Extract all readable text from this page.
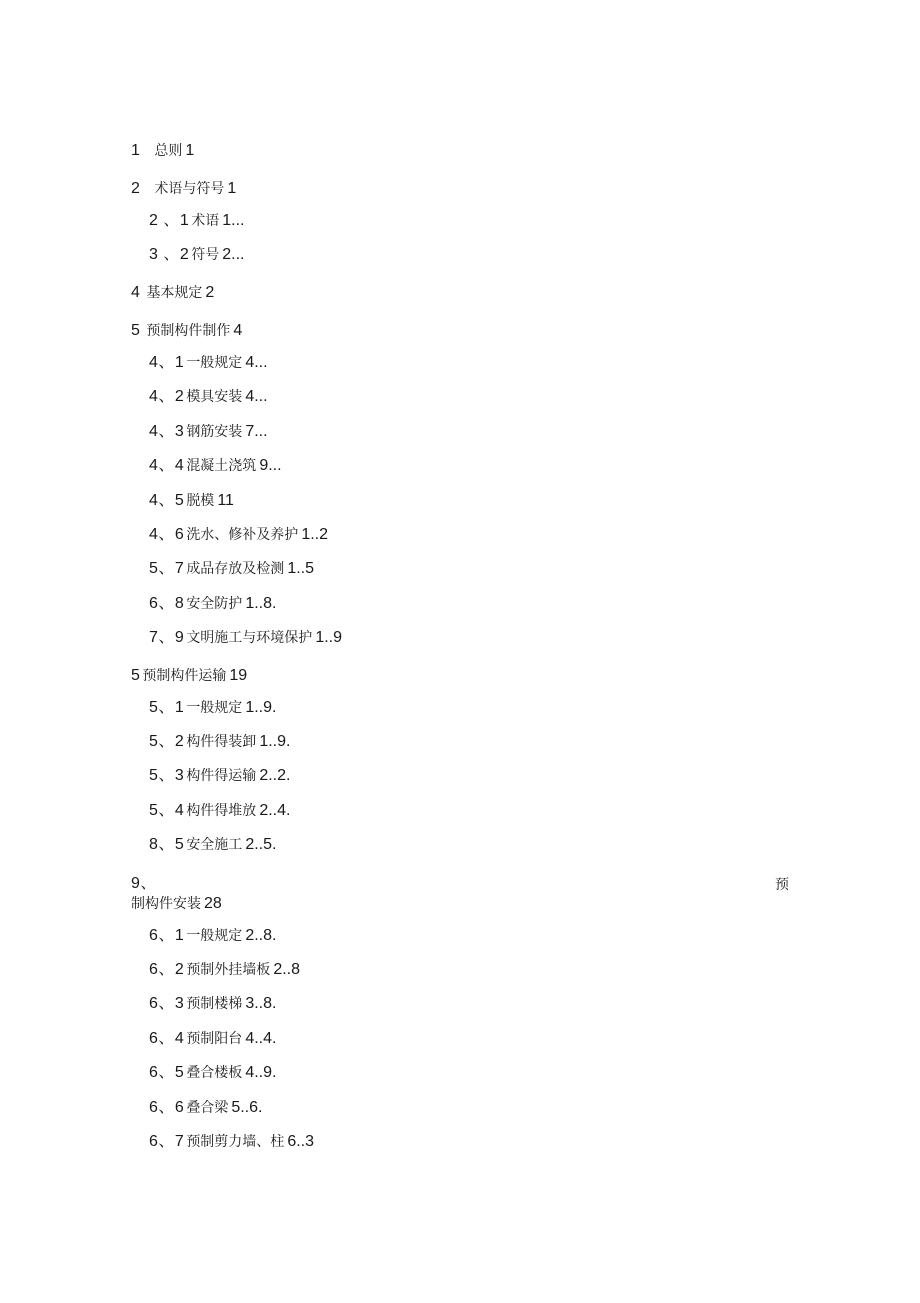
1 总则 1
2 术语与符号 1
2 、1 术语 1...
3 、2 符号 2...
4 基本规定 2
5 预制构件制作 4
4、1 一般规定 4...
4、2 模具安装 4...
4、3 钢筋安装 7...
4、4 混凝土浇筑 9...
4、5 脱模 11
4、6 洗水、修补及养护 1..2
5、7 成品存放及检测 1..5
6、8 安全防护 1..8.
7、9 文明施工与环境保护 1..9
5 预制构件运输 19
5、1 一般规定 1..9.
5、2 构件得装卸 1..9.
5、3 构件得运输 2..2.
5、4 构件得堆放 2..4.
8、5 安全施工 2..5.
9、	预
制构件安装 28
6、1 一般规定 2..8.
6、2 预制外挂墙板 2..8
6、3 预制楼梯 3..8.
6、4 预制阳台 4..4.
6、5 叠合楼板 4..9.
6、6 叠合梁 5..6.
6、7 预制剪力墙、柱 6..3
